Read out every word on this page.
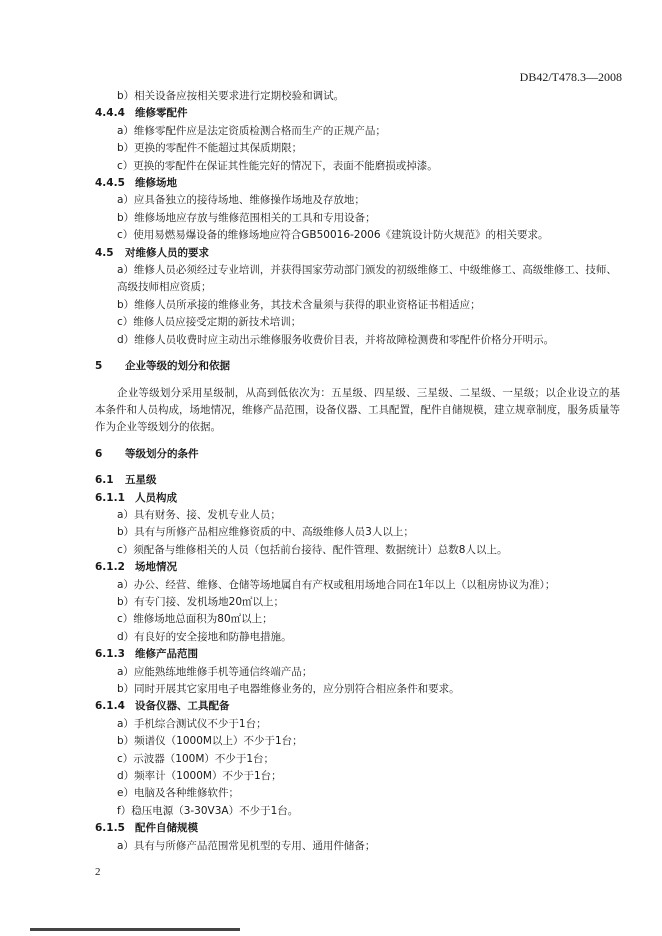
DB42/T478.3—2008
b）相关设备应按相关要求进行定期校验和调试。
4.4.4 维修零配件
a）维修零配件应是法定资质检测合格而生产的正规产品；
b）更换的零配件不能超过其保质期限；
c）更换的零配件在保证其性能完好的情况下，表面不能磨损或掉漆。
4.4.5 维修场地
a）应具备独立的接待场地、维修操作场地及存放地；
b）维修场地应存放与维修范围相关的工具和专用设备；
c）使用易燃易爆设备的维修场地应符合GB50016-2006《建筑设计防火规范》的相关要求。
4.5 对维修人员的要求
a）维修人员必须经过专业培训，并获得国家劳动部门颁发的初级维修工、中级维修工、高级维修工、技师、高级技师相应资质；
b）维修人员所承接的维修业务，其技术含量须与获得的职业资格证书相适应；
c）维修人员应接受定期的新技术培训；
d）维修人员收费时应主动出示维修服务收费价目表，并将故障检测费和零配件价格分开明示。
5 企业等级的划分和依据
企业等级划分采用星级制，从高到低依次为：五星级、四星级、三星级、二星级、一星级；以企业设立的基本条件和人员构成，场地情况，维修产品范围，设备仪器、工具配置，配件自储规模，建立规章制度，服务质量等作为企业等级划分的依据。
6 等级划分的条件
6.1 五星级
6.1.1 人员构成
a）具有财务、接、发机专业人员；
b）具有与所修产品相应维修资质的中、高级维修人员3人以上；
c）须配备与维修相关的人员（包括前台接待、配件管理、数据统计）总数8人以上。
6.1.2 场地情况
a）办公、经营、维修、仓储等场地属自有产权或租用场地合同在1年以上（以租房协议为准）；
b）有专门接、发机场地20㎡以上；
c）维修场地总面积为80㎡以上；
d）有良好的安全接地和防静电措施。
6.1.3 维修产品范围
a）应能熟练地维修手机等通信终端产品；
b）同时开展其它家用电子电器维修业务的，应分别符合相应条件和要求。
6.1.4 设备仪器、工具配备
a）手机综合测试仪不少于1台；
b）频谱仪（1000M以上）不少于1台；
c）示波器（100M）不少于1台；
d）频率计（1000M）不少于1台；
e）电脑及各种维修软件；
f）稳压电源（3-30V3A）不少于1台。
6.1.5 配件自储规模
a）具有与所修产品范围常见机型的专用、通用件储备；
2
